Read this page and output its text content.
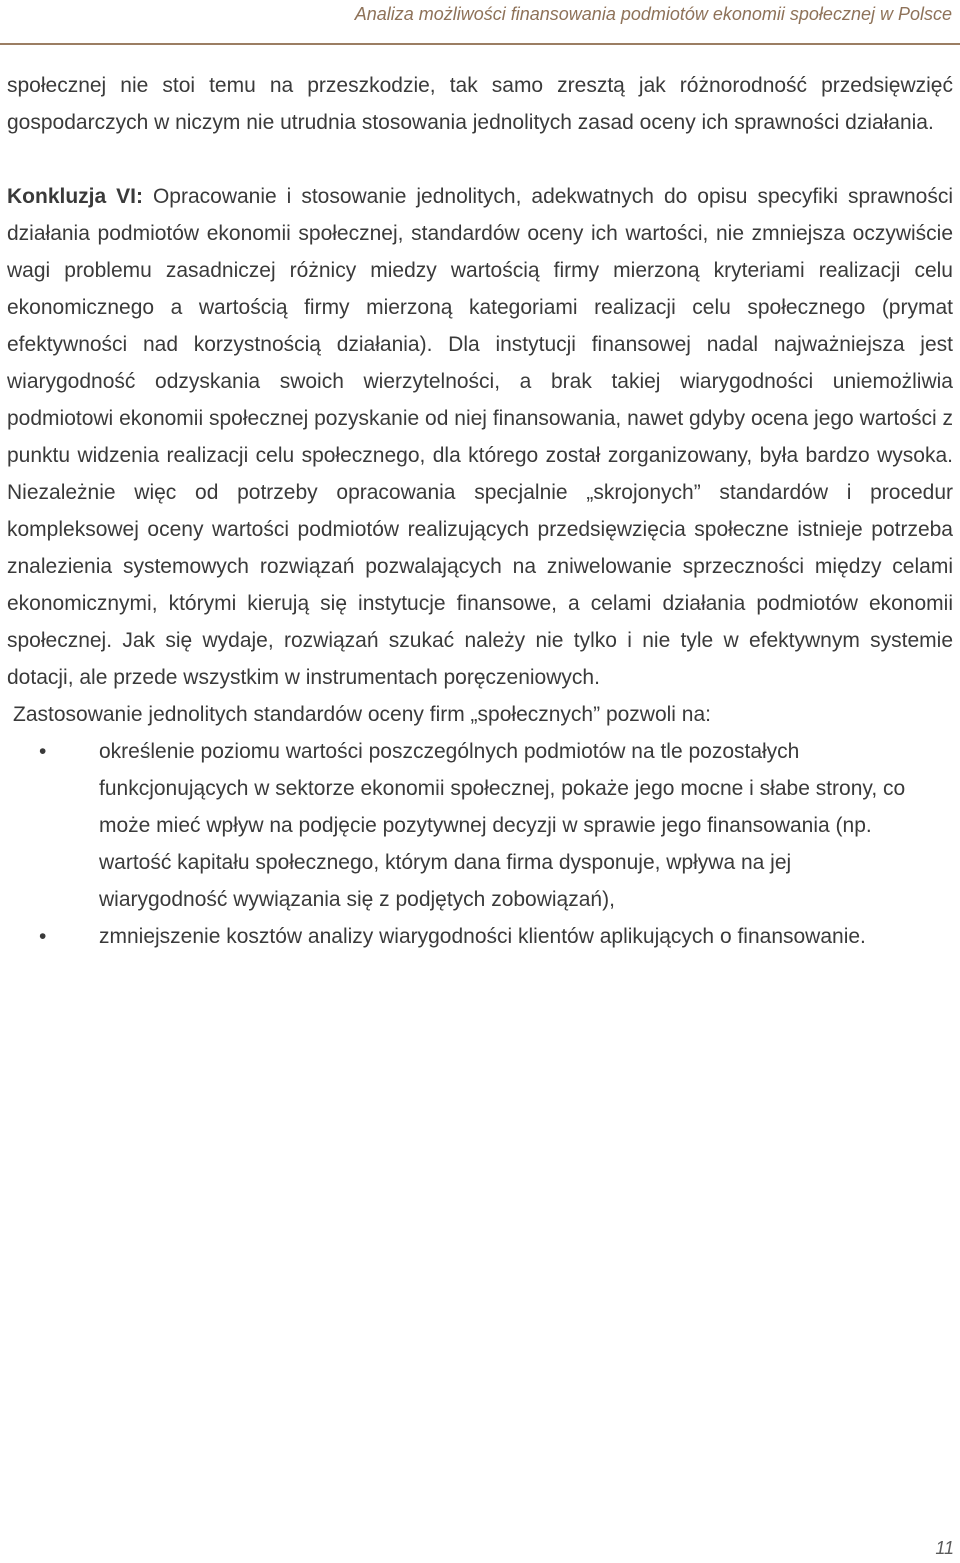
Analiza możliwości finansowania podmiotów ekonomii społecznej w Polsce

społecznej nie stoi temu na przeszkodzie, tak samo zresztą jak różnorodność przedsięwzięć gospodarczych w niczym nie utrudnia stosowania jednolitych zasad oceny ich sprawności działania.

Konkluzja VI: Opracowanie i stosowanie jednolitych, adekwatnych do opisu specyfiki sprawności działania podmiotów ekonomii społecznej, standardów oceny ich wartości, nie zmniejsza oczywiście wagi problemu zasadniczej różnicy miedzy wartością firmy mierzoną kryteriami realizacji celu ekonomicznego a wartością firmy mierzoną kategoriami realizacji celu społecznego (prymat efektywności nad korzystnością działania). Dla instytucji finansowej nadal najważniejsza jest wiarygodność odzyskania swoich wierzytelności, a brak takiej wiarygodności uniemożliwia podmiotowi ekonomii społecznej pozyskanie od niej finansowania, nawet gdyby ocena jego wartości z punktu widzenia realizacji celu społecznego, dla którego został zorganizowany, była bardzo wysoka. Niezależnie więc od potrzeby opracowania specjalnie „skrojonych” standardów i procedur kompleksowej oceny wartości podmiotów realizujących przedsięwzięcia społeczne istnieje potrzeba znalezienia systemowych rozwiązań pozwalających na zniwelowanie sprzeczności między celami ekonomicznymi, którymi kierują się instytucje finansowe, a celami działania podmiotów ekonomii społecznej. Jak się wydaje, rozwiązań szukać należy nie tylko i nie tyle w efektywnym systemie dotacji, ale przede wszystkim w instrumentach poręczeniowych.

Zastosowanie jednolitych standardów oceny firm „społecznych” pozwoli na:

•	określenie poziomu wartości poszczególnych podmiotów na tle pozostałych funkcjonujących w sektorze ekonomii społecznej, pokaże jego mocne i słabe strony, co może mieć wpływ na podjęcie pozytywnej decyzji w sprawie jego finansowania (np. wartość kapitału społecznego, którym dana firma dysponuje, wpływa na jej wiarygodność wywiązania się z podjętych zobowiązań),
•	zmniejszenie kosztów analizy wiarygodności klientów aplikujących o finansowanie.
11
